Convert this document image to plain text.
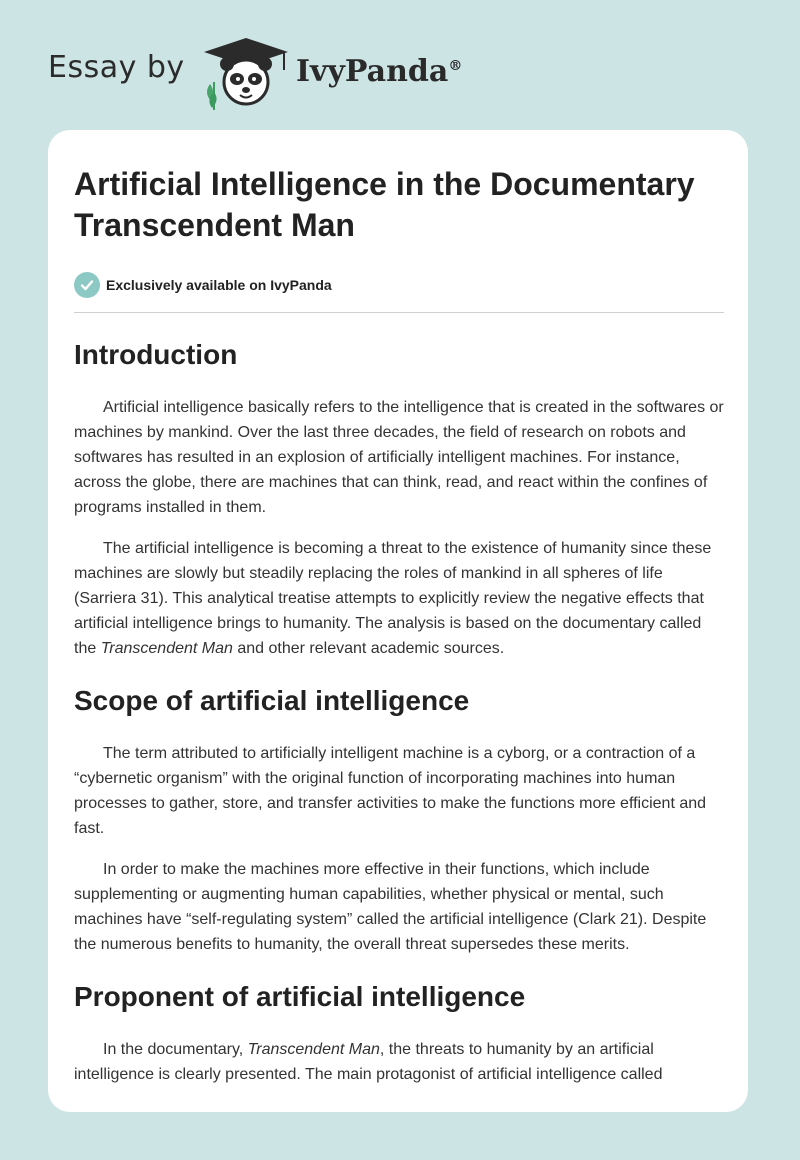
Essay by	IvyPanda®
Artificial Intelligence in the Documentary
Transcendent Man
Exclusively available on IvyPanda
Introduction

Artificial intelligence basically refers to the intelligence that is created in the softwares or machines by mankind. Over the last three decades, the field of research on robots and softwares has resulted in an explosion of artificially intelligent machines. For instance, across the globe, there are machines that can think, read, and react within the confines of programs installed in them.

The artificial intelligence is becoming a threat to the existence of humanity since these machines are slowly but steadily replacing the roles of mankind in all spheres of life (Sarriera 31). This analytical treatise attempts to explicitly review the negative effects that artificial intelligence brings to humanity. The analysis is based on the documentary called the Transcendent Man and other relevant academic sources.

Scope of artificial intelligence

The term attributed to artificially intelligent machine is a cyborg, or a contraction of a “cybernetic organism” with the original function of incorporating machines into human processes to gather, store, and transfer activities to make the functions more efficient and fast.

In order to make the machines more effective in their functions, which include supplementing or augmenting human capabilities, whether physical or mental, such machines have “self-regulating system” called the artificial intelligence (Clark 21). Despite the numerous benefits to humanity, the overall threat supersedes these merits.

Proponent of artificial intelligence

In the documentary, Transcendent Man, the threats to humanity by an artificial intelligence is clearly presented. The main protagonist of artificial intelligence called
